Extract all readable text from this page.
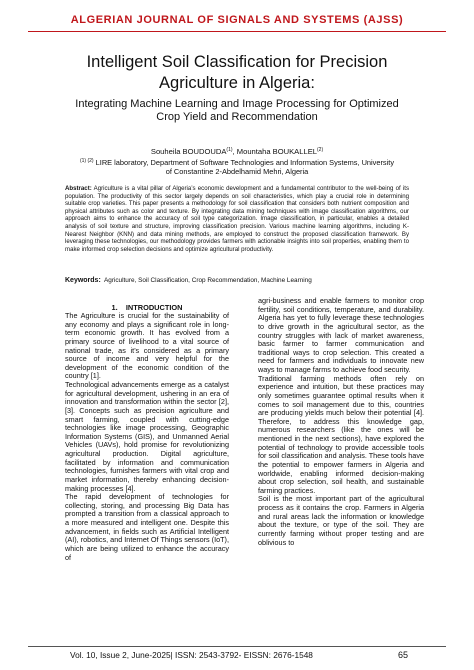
ALGERIAN JOURNAL OF SIGNALS AND SYSTEMS (AJSS)
Intelligent Soil Classification for Precision
Agriculture in Algeria:
Integrating Machine Learning and Image Processing for Optimized
Crop Yield and Recommendation
Souheila BOUDOUDA$^{(1)}$, Mountaha BOUKALLEL$^{(2)}$
$^{(1) (2)}$ LIRE laboratory, Department of Software Technologies and Information Systems, University
of Constantine 2-Abdelhamid Mehri, Algeria

Abstract: Agriculture is a vital pillar of Algeria’s economic development and a fundamental contributor to the well-being of its population. The productivity of this sector largely depends on soil characteristics, which play a crucial role in determining suitable crop varieties. This paper presents a methodology for soil classification that considers both nutrient composition and physical attributes such as color and texture. By integrating data mining techniques with image classification algorithms, our approach aims to enhance the accuracy of soil type categorization. Image classification, in particular, enables a detailed analysis of soil texture and structure, improving classification precision. Various machine learning algorithms, including K-Nearest Neighbor (KNN) and data mining methods, are employed to construct the proposed classification framework. By leveraging these technologies, our methodology provides farmers with actionable insights into soil properties, enabling them to make informed crop selection decisions and optimize agricultural productivity.

Keywords: Agriculture, Soil Classification, Crop Recommendation, Machine Learning

1.    INTRODUCTION

The Agriculture is crucial for the sustainability of any economy and plays a significant role in long-term economic growth. It has evolved from a primary source of livelihood to a vital source of national trade, as it’s considered as a primary source of income and very helpful for the development of the economic condition of the country [1].

Technological advancements emerge as a catalyst for agricultural development, ushering in an era of innovation and transformation within the sector [2], [3]. Concepts such as precision agriculture and smart farming, coupled with cutting-edge technologies like image processing, Geographic Information Systems (GIS), and Unmanned Aerial Vehicles (UAVs), hold promise for revolutionizing agricultural production. Digital agriculture, facilitated by information and communication technologies, furnishes farmers with vital crop and market information, thereby enhancing decision-making processes [4].

The rapid development of technologies for collecting, storing, and processing Big Data has prompted a transition from a classical approach to a more measured and intelligent one. Despite this advancement, in fields such as Artificial Intelligent (AI), robotics, and Internet Of Things sensors (IoT), which are being utilized to enhance the accuracy of

agri-business and enable farmers to monitor crop fertility, soil conditions, temperature, and durability. Algeria has yet to fully leverage these technologies to drive growth in the agricultural sector, as the country struggles with lack of market awareness, basic farmer to farmer communication and traditional ways to crop selection. This created a need for farmers and individuals to innovate new ways to manage farms to achieve food security.

Traditional farming methods often rely on experience and intuition, but these practices may only sometimes guarantee optimal results when it comes to soil management due to this, countries are producing yields much below their potential [4]. Therefore, to address this knowledge gap, numerous researchers (like the ones will be mentioned in the next sections), have explored the potential of technology to provide accessible tools for soil classification and analysis. These tools have the potential to empower farmers in Algeria and worldwide, enabling informed decision-making about crop selection, soil health, and sustainable farming practices.

Soil is the most important part of the agricultural process as it contains the crop. Farmers in Algeria and rural areas lack the information or knowledge about the texture, or type of the soil. They are currently farming without proper testing and are oblivious to

Vol. 10, Issue 2, June-2025| ISSN: 2543-3792- EISSN: 2676-1548	65
